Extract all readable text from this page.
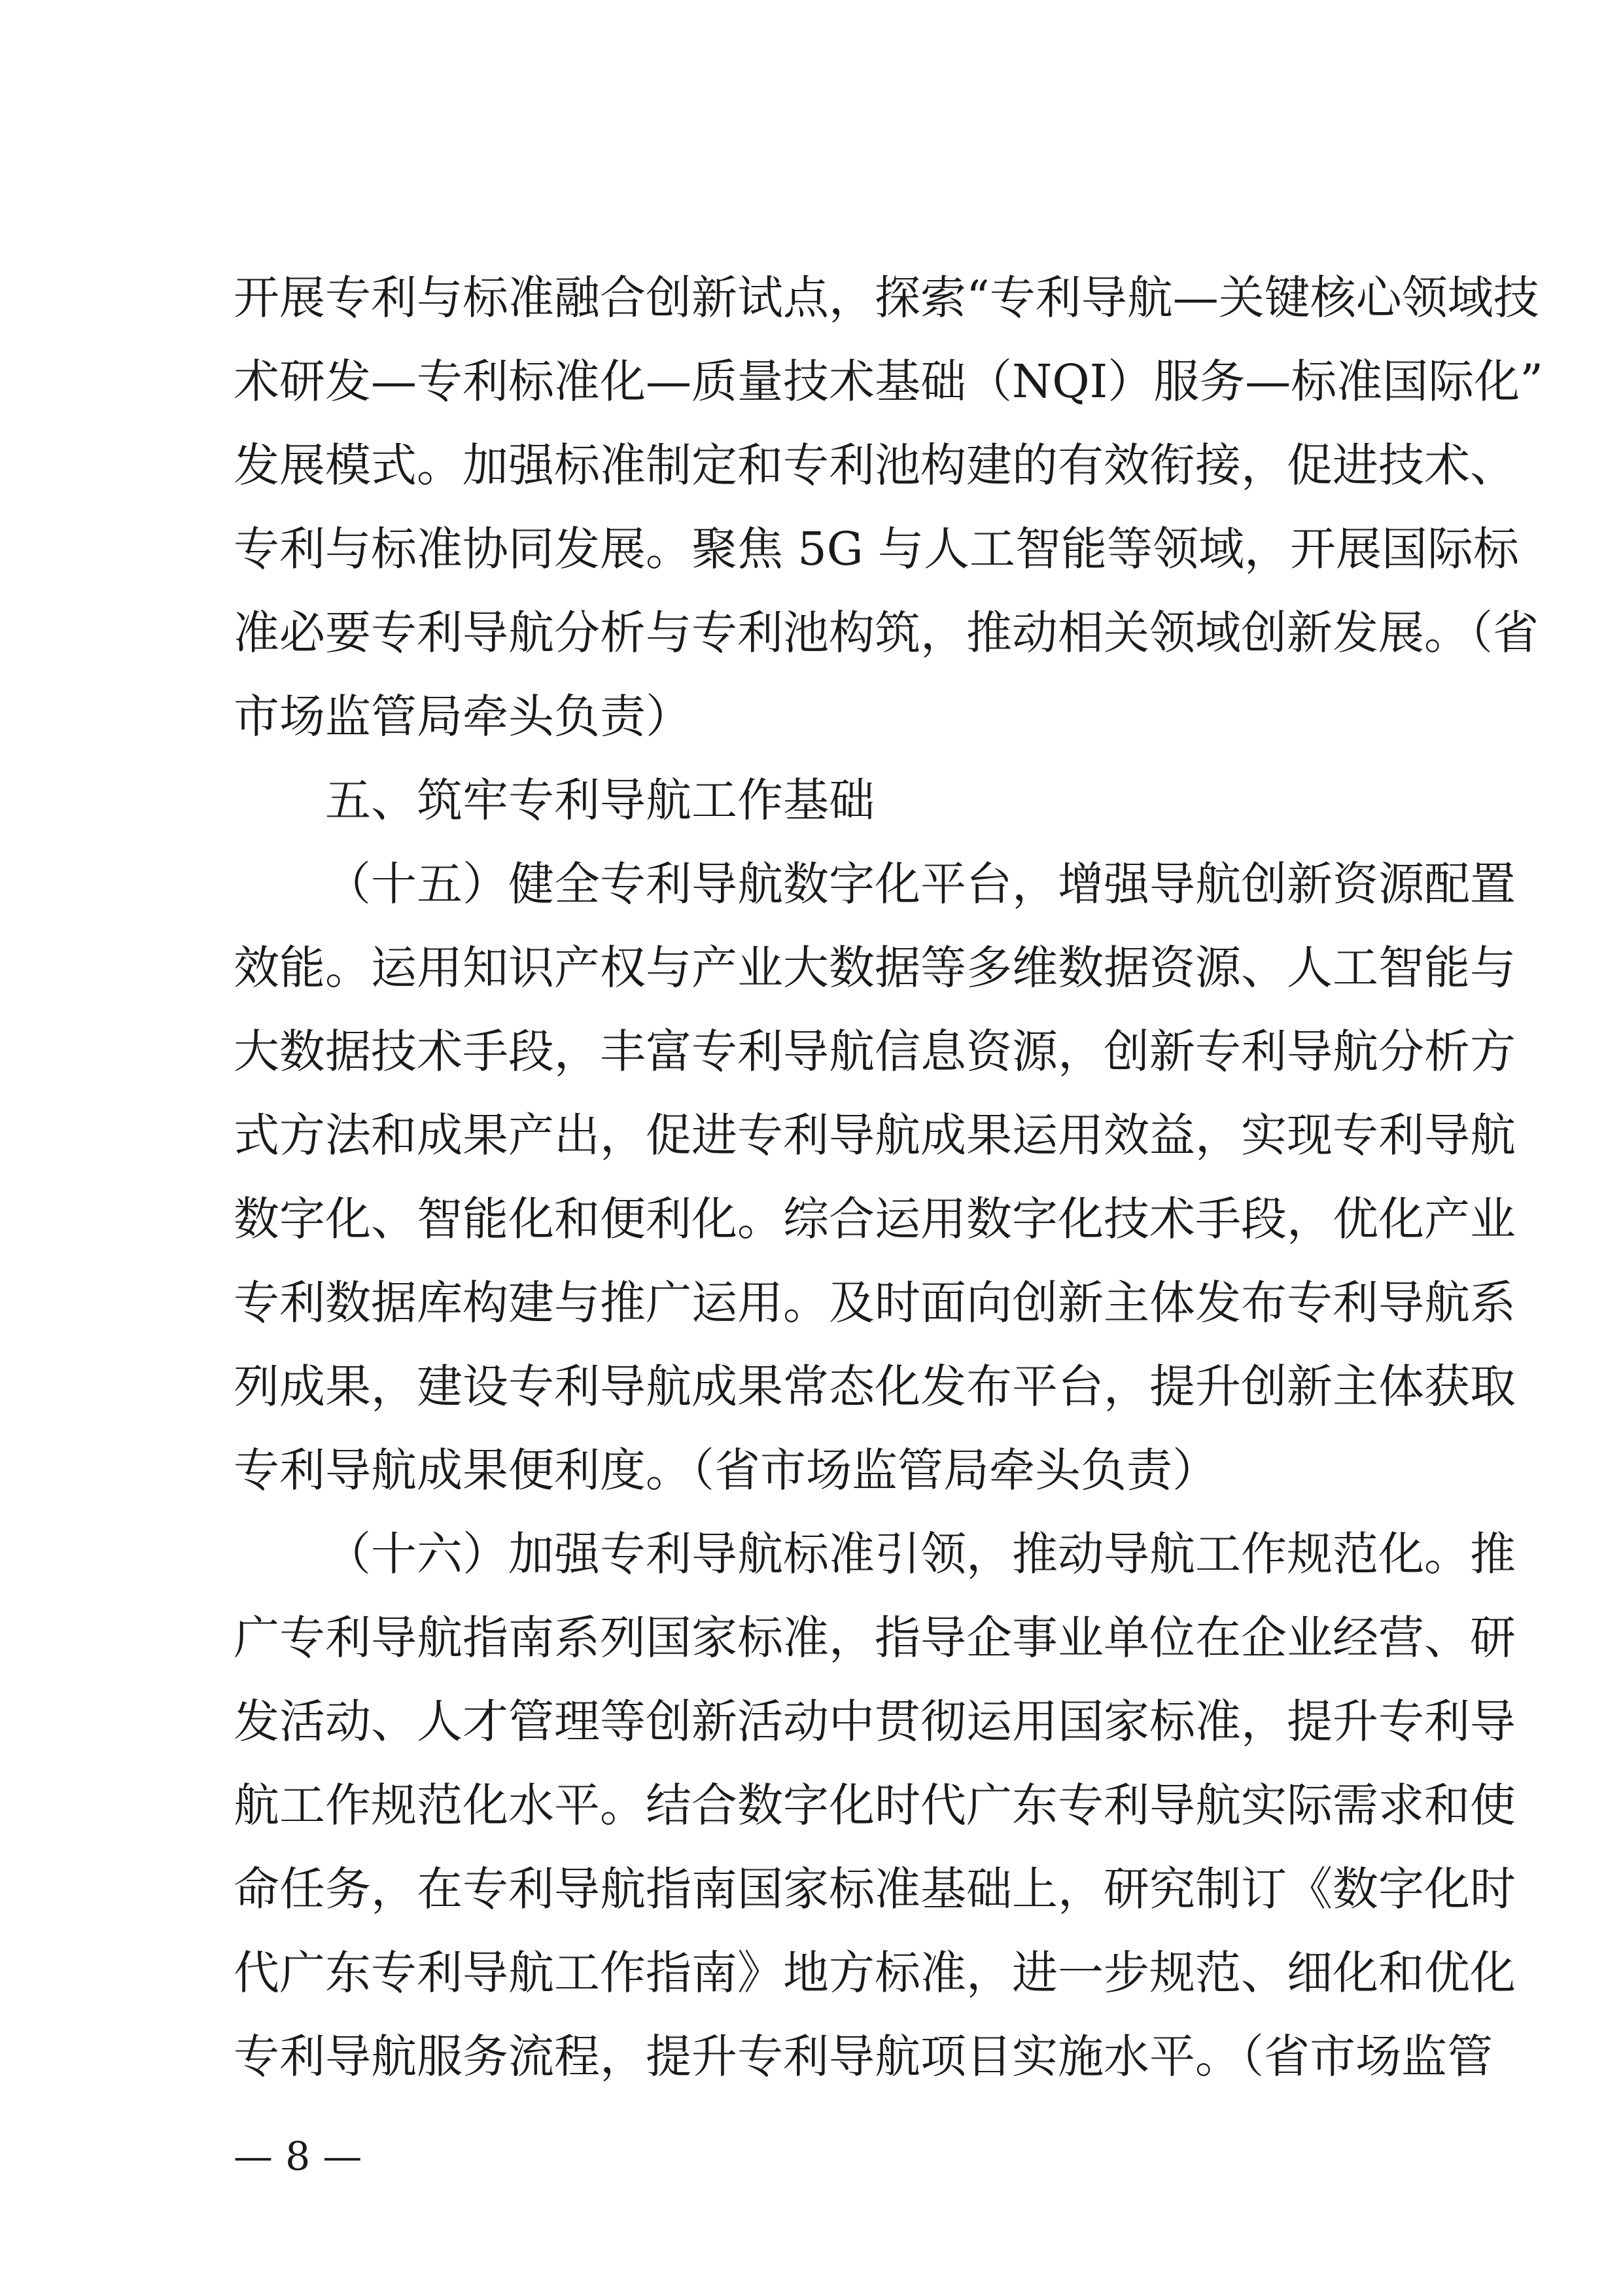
开展专利与标准融合创新试点，探索“专利导航—关键核心领域技
术研发—专利标准化—质量技术基础（NQI）服务—标准国际化”
发展模式。加强标准制定和专利池构建的有效衔接，促进技术、
专利与标准协同发展。聚焦 5G 与人工智能等领域，开展国际标
准必要专利导航分析与专利池构筑，推动相关领域创新发展。（省
市场监管局牵头负责）
五、筑牢专利导航工作基础
（十五）健全专利导航数字化平台，增强导航创新资源配置
效能。运用知识产权与产业大数据等多维数据资源、人工智能与
大数据技术手段，丰富专利导航信息资源，创新专利导航分析方
式方法和成果产出，促进专利导航成果运用效益，实现专利导航
数字化、智能化和便利化。综合运用数字化技术手段，优化产业
专利数据库构建与推广运用。及时面向创新主体发布专利导航系
列成果，建设专利导航成果常态化发布平台，提升创新主体获取
专利导航成果便利度。（省市场监管局牵头负责）
（十六）加强专利导航标准引领，推动导航工作规范化。推
广专利导航指南系列国家标准，指导企事业单位在企业经营、研
发活动、人才管理等创新活动中贯彻运用国家标准，提升专利导
航工作规范化水平。结合数字化时代广东专利导航实际需求和使
命任务，在专利导航指南国家标准基础上，研究制订《数字化时
代广东专利导航工作指南》地方标准，进一步规范、细化和优化
专利导航服务流程，提升专利导航项目实施水平。（省市场监管
— 8 —
